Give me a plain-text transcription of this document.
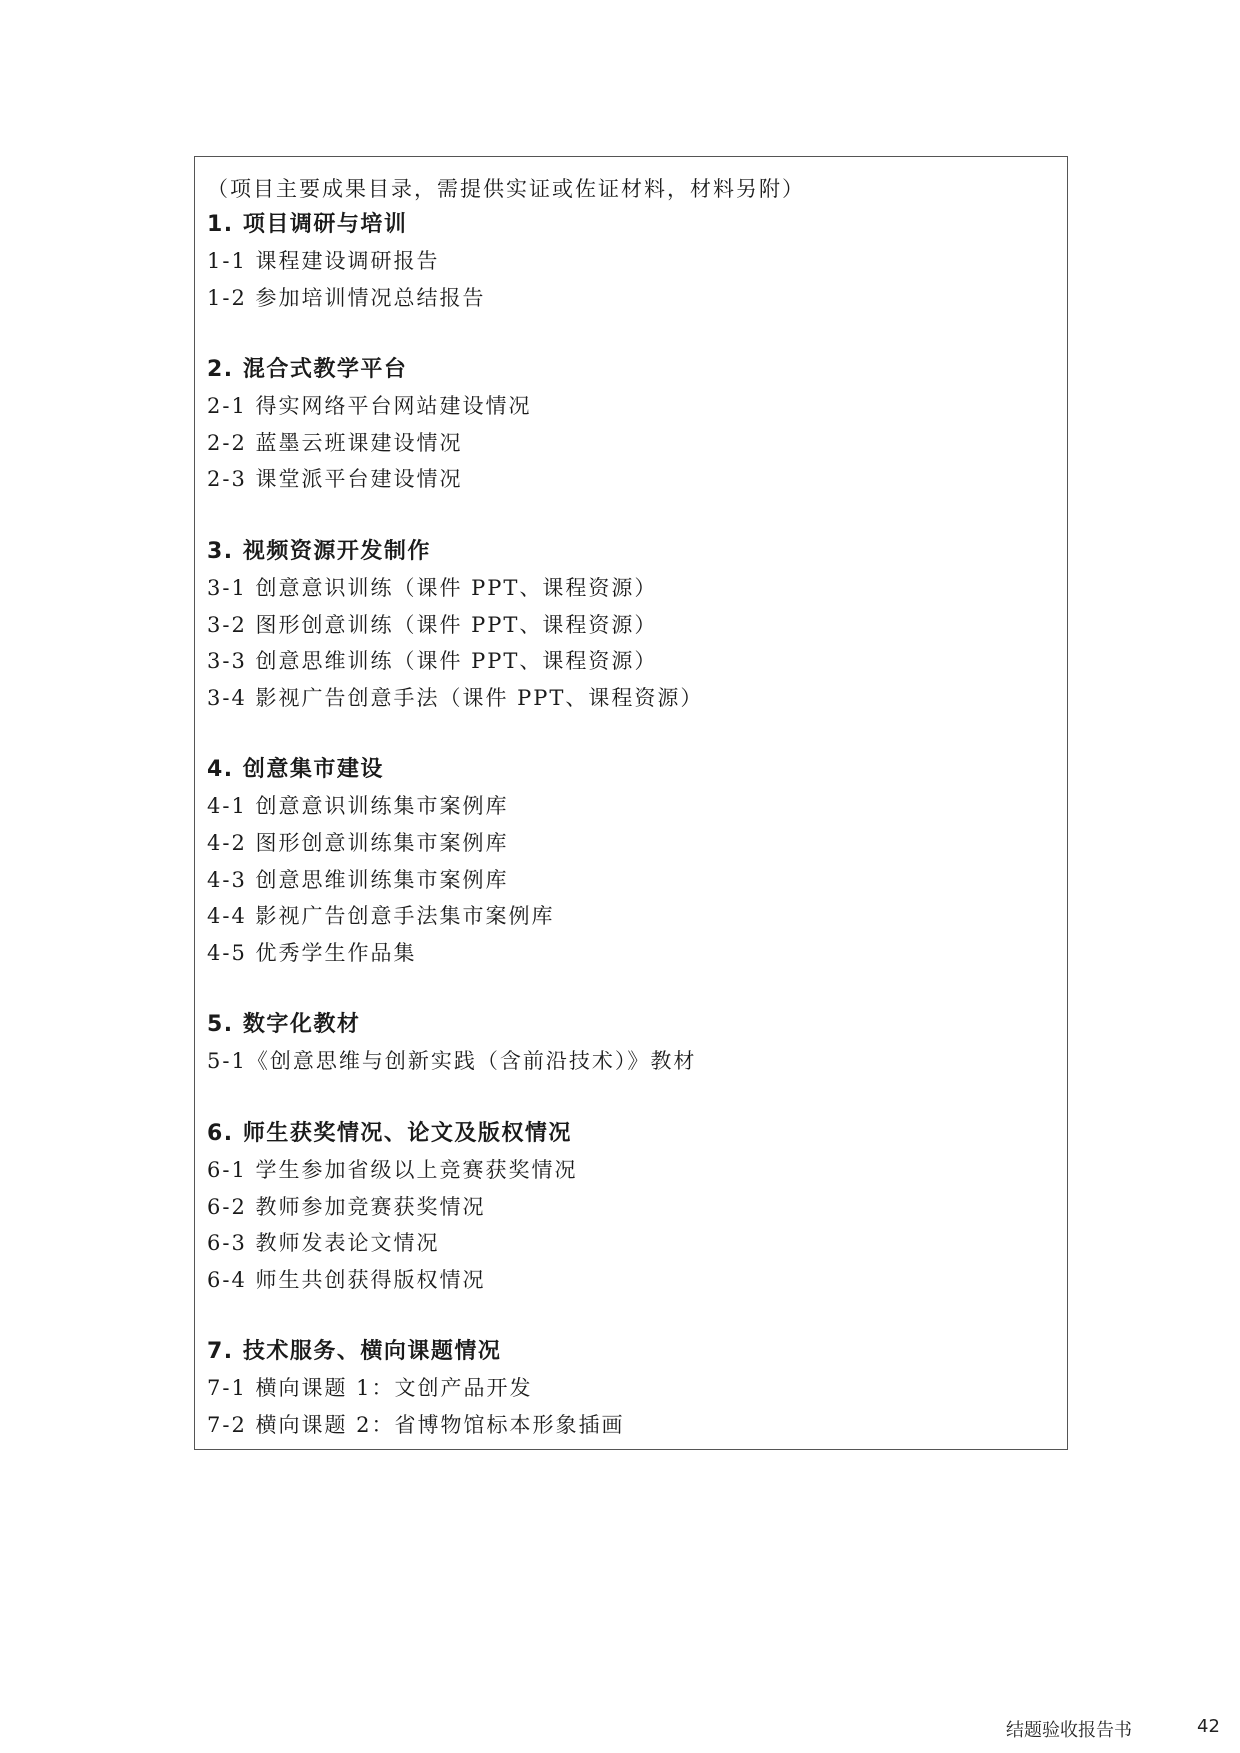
（项目主要成果目录，需提供实证或佐证材料，材料另附）
1. 项目调研与培训
1-1 课程建设调研报告
1-2 参加培训情况总结报告
2. 混合式教学平台
2-1 得实网络平台网站建设情况
2-2 蓝墨云班课建设情况
2-3 课堂派平台建设情况
3. 视频资源开发制作
3-1 创意意识训练（课件 PPT、课程资源）
3-2 图形创意训练（课件 PPT、课程资源）
3-3 创意思维训练（课件 PPT、课程资源）
3-4 影视广告创意手法（课件 PPT、课程资源）
4. 创意集市建设
4-1 创意意识训练集市案例库
4-2 图形创意训练集市案例库
4-3 创意思维训练集市案例库
4-4 影视广告创意手法集市案例库
4-5 优秀学生作品集
5. 数字化教材
5-1《创意思维与创新实践（含前沿技术）》教材
6. 师生获奖情况、论文及版权情况
6-1 学生参加省级以上竞赛获奖情况
6-2 教师参加竞赛获奖情况
6-3 教师发表论文情况
6-4 师生共创获得版权情况
7. 技术服务、横向课题情况
7-1 横向课题 1：文创产品开发
7-2 横向课题 2：省博物馆标本形象插画
结题验收报告书	42
